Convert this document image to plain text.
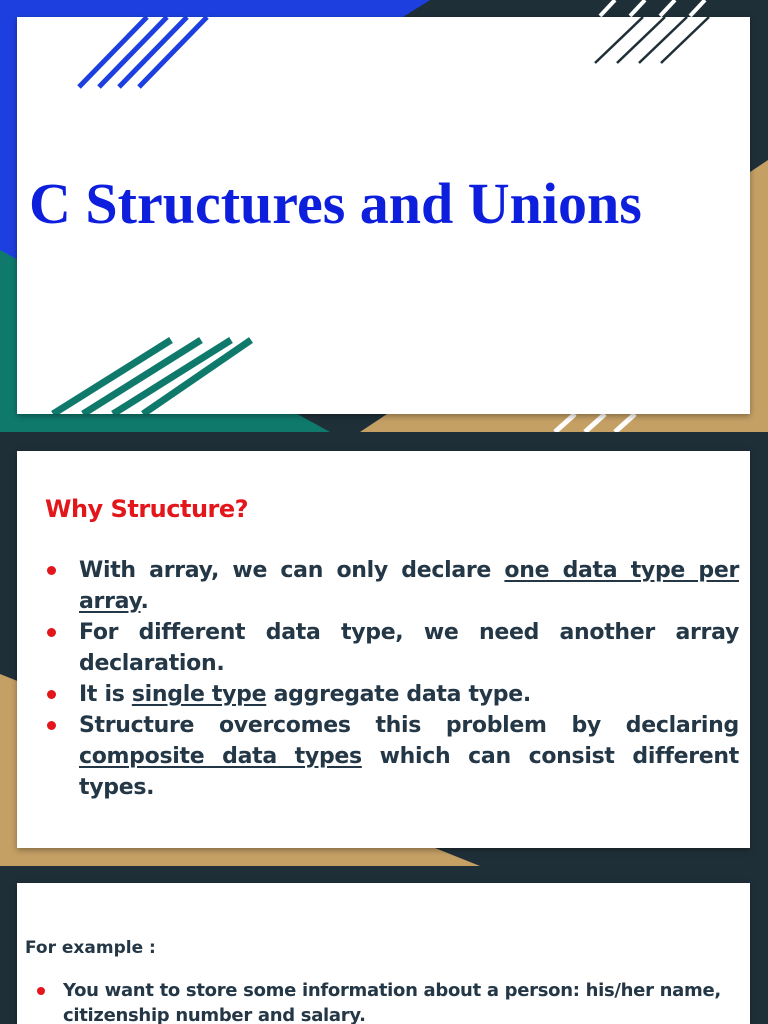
C Structures and Unions
Why Structure?
With array, we can only declare one data type per array.
For different data type, we need another array declaration.
It is single type aggregate data type.
Structure overcomes this problem by declaring composite data types which can consist different types.
For example :
You want to store some information about a person: his/her name, citizenship number and salary.
